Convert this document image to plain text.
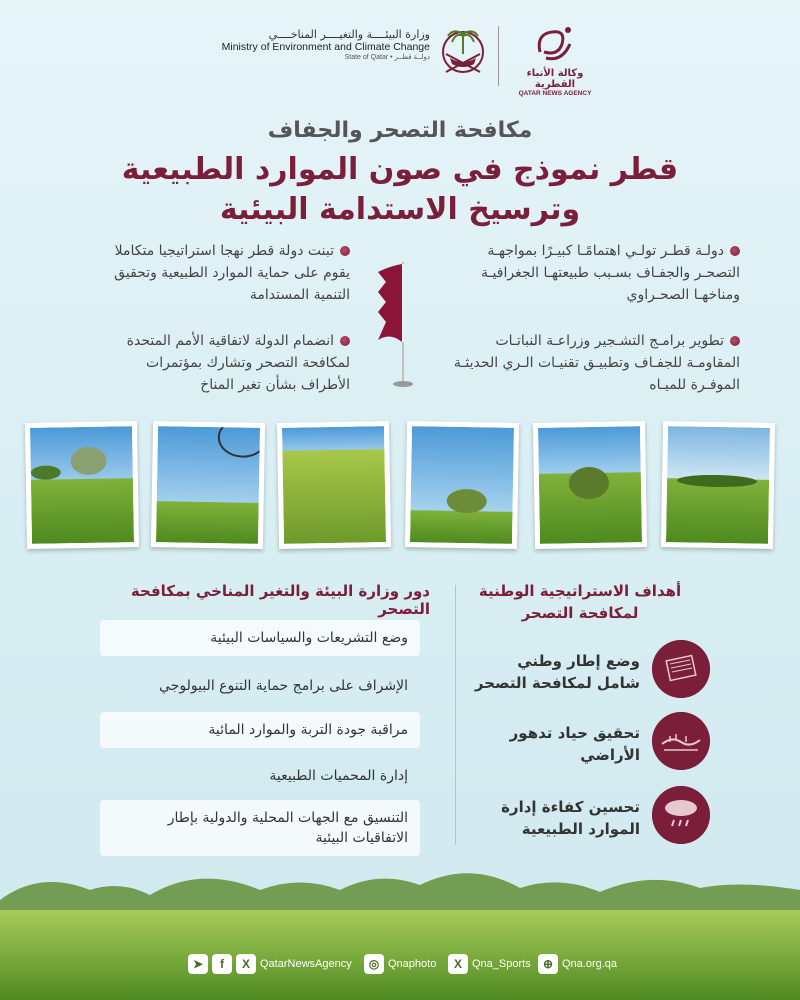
وزارة البيئــــة والتغيــــر المناخــــي
Ministry of Environment and Climate Change
State of Qatar • دولــة قطــر
وكالة الأنباء القطرية
QATAR NEWS AGENCY
مكافحة التصحر والجفاف
قطر نموذج في صون الموارد الطبيعية
وترسيخ الاستدامة البيئية
دولـة قطـر تولـي اهتمامًـا كبيـرًا بمواجهـة التصحـر والجفـاف بسـبب طبيعتهـا الجغرافيـة ومناخهـا الصحـراوي
تطوير برامـج التشـجير وزراعـة النباتـات المقاومـة للجفـاف وتطبيـق تقنيـات الـري الحديثـة الموفـرة للميـاه
تبنت دولة قطر نهجا استراتيجيا متكاملا يقوم على حماية الموارد الطبيعية وتحقيق التنمية المستدامة
انضمام الدولة لاتفاقية الأمم المتحدة لمكافحة التصحر وتشارك بمؤتمرات الأطراف بشأن تغير المناخ
أهداف الاستراتيجية الوطنية لمكافحة التصحر
وضع إطار وطني شامل لمكافحة التصحر
تحقيق حياد تدهور الأراضي
تحسين كفاءة إدارة الموارد الطبيعية
دور وزارة البيئة والتغير المناخي بمكافحة التصحر
وضع التشريعات والسياسات البيئية
الإشراف على برامج حماية التنوع البيولوجي
مراقبة جودة التربة والموارد المائية
إدارة المحميات الطبيعية
التنسيق مع الجهات المحلية والدولية بإطار الاتفاقيات البيئية
➤	f	X QatarNewsAgency	◎ Qnaphoto	X Qna_Sports	⊕ Qna.org.qa
